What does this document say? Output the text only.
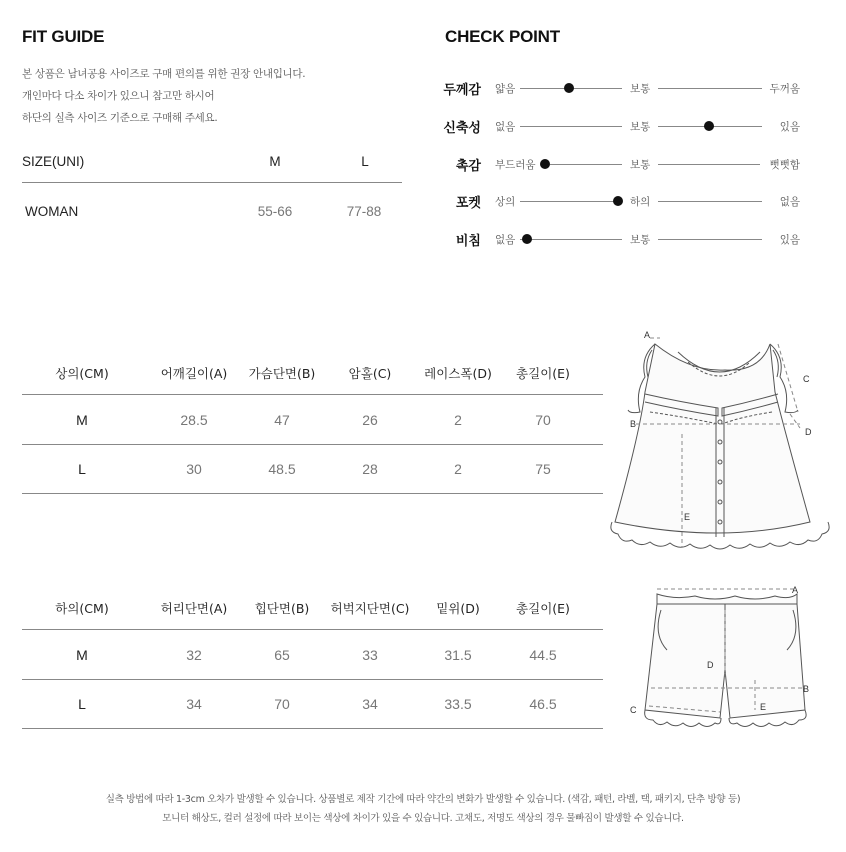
FIT GUIDE
본 상품은 남녀공용 사이즈로 구매 편의를 위한 권장 안내입니다.
개인마다 다소 차이가 있으니 참고만 하시어
하단의 실측 사이즈 기준으로 구매해 주세요.
SIZE(UNI)	M	L
WOMAN	55-66	77-88
CHECK POINT
두께감 얇음	보통	두꺼움
신축성 없음	보통	있음
촉감 부드러움	보통	뻣뻣함
포켓 상의	하의	없음
비침 없음	보통	있음
상의(CM)	어깨길이(A)	가슴단면(B)	암홀(C)	레이스폭(D)	총길이(E)
M	28.5	47	26	2	70
L	30	48.5	28	2	75
하의(CM)	허리단면(A)	힙단면(B)	허벅지단면(C)	밑위(D)	총길이(E)
M	32	65	33	31.5	44.5
L	34	70	34	33.5	46.5
A
B
C
D
E
A
B
C
D
E
실측 방법에 따라 1-3cm 오차가 발생할 수 있습니다. 상품별로 제작 기간에 따라 약간의 변화가 발생할 수 있습니다. (색감, 패턴, 라벨, 택, 패키지, 단추 방향 등)
모니터 해상도, 컬러 설정에 따라 보이는 색상에 차이가 있을 수 있습니다. 고채도, 저명도 색상의 경우 물빠짐이 발생할 수 있습니다.
